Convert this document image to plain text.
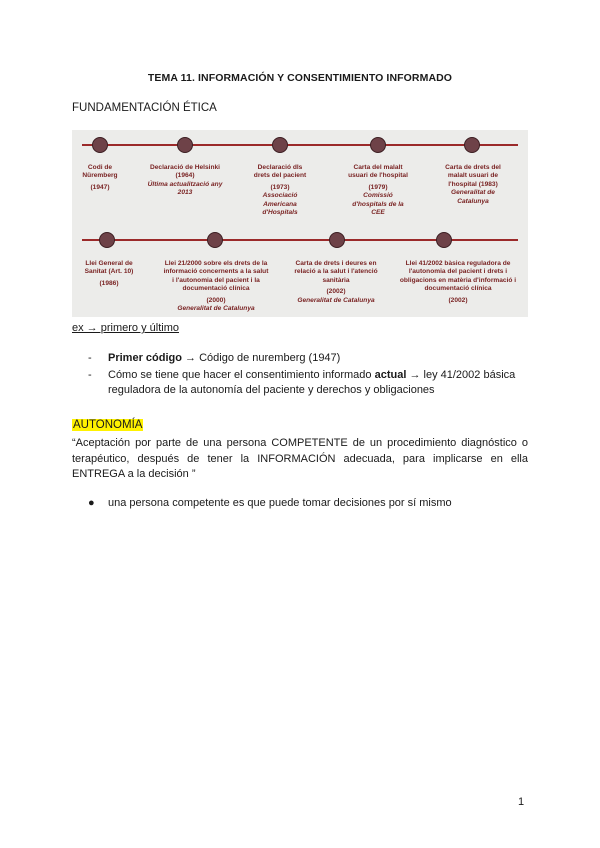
TEMA 11. INFORMACIÓN Y CONSENTIMIENTO INFORMADO
FUNDAMENTACIÓN ÉTICA
Codi de Nüremberg
(1947)
Declaració de Helsinki (1964)
Última actualització any 2013
Declaració dls drets del pacient
(1973)
Associació Americana d'Hospitals
Carta del malalt usuari de l'hospital
(1979)
Comissió d'hospitals de la CEE
Carta de drets del malalt usuari de l'hospital (1983)
Generalitat de Catalunya
Llei General de Sanitat (Art. 10)
(1986)
Llei 21/2000 sobre els drets de la informació concernents a la salut i l'autonomia del pacient i la documentació clínica
(2000)
Generalitat de Catalunya
Carta de drets i deures en relació a la salut i l'atenció sanitària
(2002)
Generalitat de Catalunya
Llei 41/2002 bàsica reguladora de l'autonomia del pacient i drets i obligacions en matèria d'informació i documentació clínica
(2002)
ex → primero y último
- Primer código → Código de nuremberg (1947)
- Cómo se tiene que hacer el consentimiento informado actual → ley 41/2002 básica reguladora de la autonomía del paciente y derechos y obligaciones
AUTONOMÍA
“Aceptación por parte de una persona COMPETENTE de un procedimiento diagnóstico o terapéutico, después de tener la INFORMACIÓN adecuada, para implicarse en ella ENTREGA a la decisión ”
● una persona competente es que puede tomar decisiones por sí mismo
1
